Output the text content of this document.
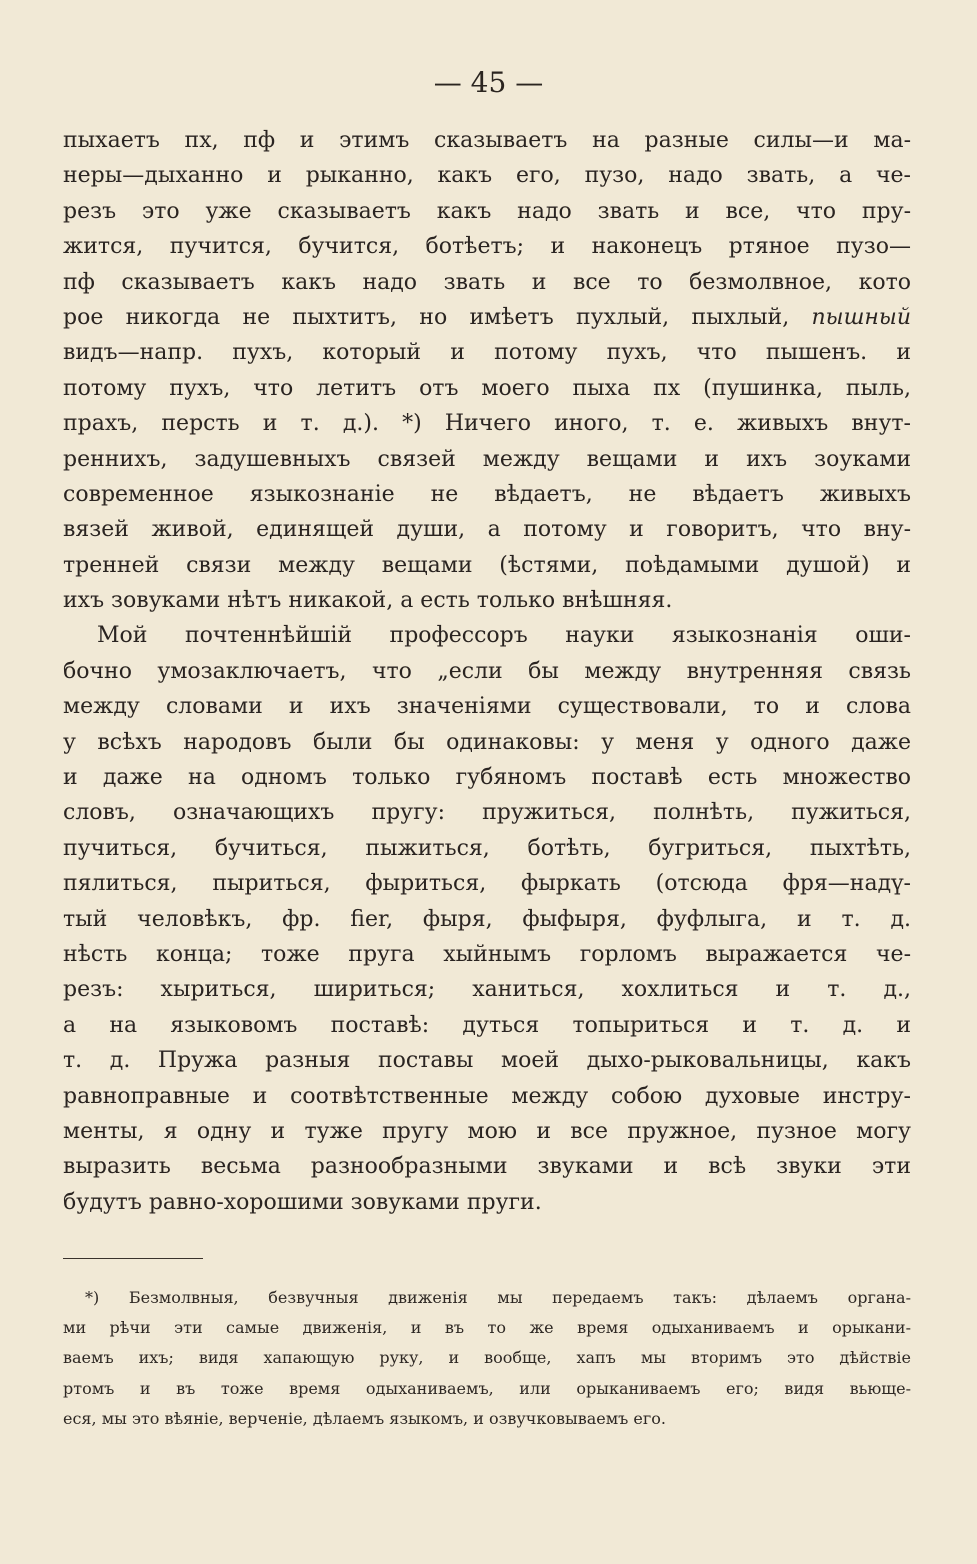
— 45 —
пыхаетъ пх, пф и этимъ сказываетъ на разные силы—и ма-
неры—дыханно и рыканно, какъ его, пузо, надо звать, а че-
резъ это уже сказываетъ какъ надо звать и все, что пру-
жится, пучится, бучится, ботѣетъ; и наконецъ ртяное пузо—
пф сказываетъ какъ надо звать и все то безмолвное, кото
рое никогда не пыхтитъ, но имѣетъ пухлый, пыхлый, пышный
видъ—напр. пухъ, который и потому пухъ, что пышенъ. и
потому пухъ, что летитъ отъ моего пыха пх (пушинка, пыль,
прахъ, персть и т. д.). *) Ничего иного, т. е. живыхъ внут-
реннихъ, задушевныхъ связей между вещами и ихъ зоуками
современное языкознаніе не вѣдаетъ, не вѣдаетъ живыхъ
вязей живой, единящей души, а потому и говоритъ, что вну-
тренней связи между вещами (ѣстями, поѣдамыми душой) и
ихъ зовуками нѣтъ никакой, а есть только внѣшняя.
Мой почтеннѣйшій профессоръ науки языкознанія оши-
бочно умозаключаетъ, что „если бы между внутренняя связь
между словами и ихъ значеніями существовали, то и слова
у всѣхъ народовъ были бы одинаковы: у меня у одного даже
и даже на одномъ только губяномъ поставѣ есть множество
словъ, означающихъ пругу: пружиться, полнѣть, пужиться,
пучиться, бучиться, пыжиться, ботѣть, бугриться, пыхтѣть,
пялиться, пыриться, фыриться, фыркать (отсюда фря—надү-
тый человѣкъ, фр. fier, фыря, фыфыря, фуфлыга, и т. д.
нѣсть конца; тоже пруга хыйнымъ горломъ выражается че-
резъ: хыриться, шириться; ханиться, хохлиться и т. д.,
а на языковомъ поставѣ: дуться топыриться и т. д. и
т. д. Пружа разныя поставы моей дыхо-рыковальницы, какъ
равноправные и соотвѣтственные между собою духовые инстру-
менты, я одну и туже пругу мою и все пружное, пузное могу
выразить весьма разнообразными звуками и всѣ звуки эти
будутъ равно-хорошими зовуками пруги.
*) Безмолвныя, безвучныя движенія мы передаемъ такъ: дѣлаемъ органа-
ми рѣчи эти самые движенія, и въ то же время одыханиваемъ и орыкани-
ваемъ ихъ; видя хапающую руку, и вообще, хапъ мы вторимъ это дѣйствіе
ртомъ и въ тоже время одыханиваемъ, или орыканиваемъ его; видя вьюще-
еся, мы это вѣяніе, верченіе, дѣлаемъ языкомъ, и озвучковываемъ его.
